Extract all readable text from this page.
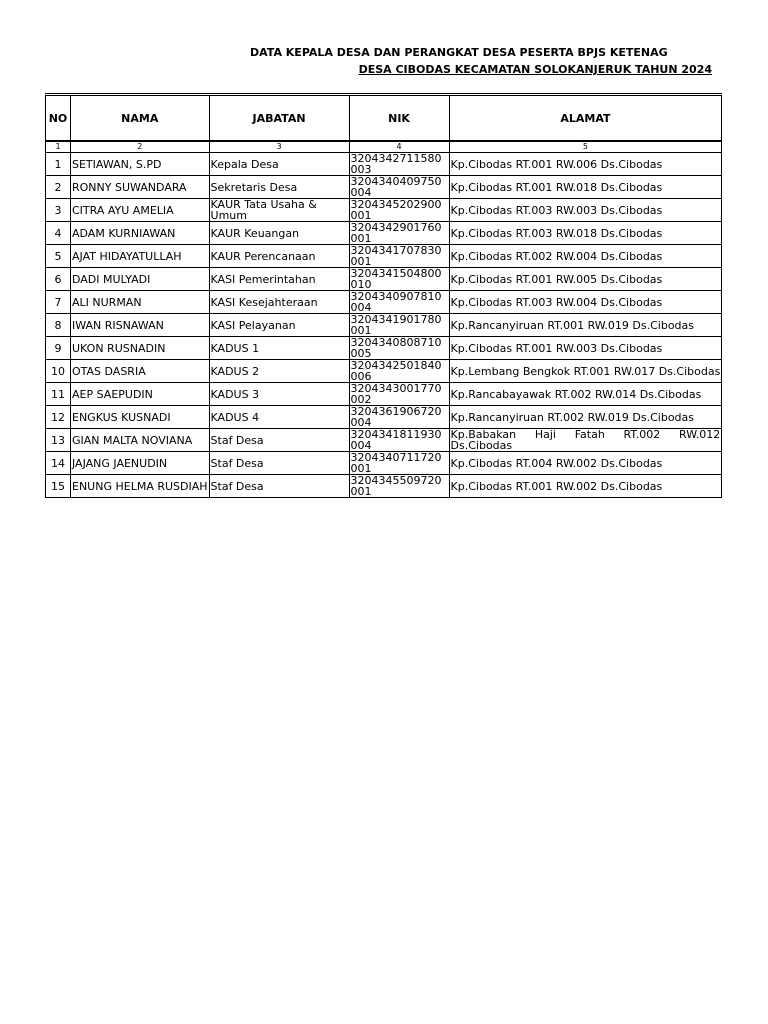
DATA KEPALA DESA DAN PERANGKAT DESA PESERTA BPJS KETENAG
DESA CIBODAS KECAMATAN SOLOKANJERUK TAHUN 2024
NO	NAMA	JABATAN	NIK	ALAMAT
1	2	3	4	5
1	SETIAWAN, S.PD	Kepala Desa	3204342711580003	Kp.Cibodas RT.001 RW.006 Ds.Cibodas
2	RONNY SUWANDARA	Sekretaris Desa	3204340409750004	Kp.Cibodas RT.001 RW.018 Ds.Cibodas
3	CITRA AYU AMELIA	KAUR Tata Usaha & Umum	3204345202900001	Kp.Cibodas RT.003 RW.003 Ds.Cibodas
4	ADAM KURNIAWAN	KAUR Keuangan	3204342901760001	Kp.Cibodas RT.003 RW.018 Ds.Cibodas
5	AJAT HIDAYATULLAH	KAUR Perencanaan	3204341707830001	Kp.Cibodas RT.002 RW.004 Ds.Cibodas
6	DADI MULYADI	KASI Pemerintahan	3204341504800010	Kp.Cibodas RT.001 RW.005 Ds.Cibodas
7	ALI NURMAN	KASI Kesejahteraan	3204340907810004	Kp.Cibodas RT.003 RW.004 Ds.Cibodas
8	IWAN RISNAWAN	KASI Pelayanan	3204341901780001	Kp.Rancanyiruan RT.001 RW.019 Ds.Cibodas
9	UKON RUSNADIN	KADUS 1	3204340808710005	Kp.Cibodas RT.001 RW.003 Ds.Cibodas
10	OTAS DASRIA	KADUS 2	3204342501840006	Kp.Lembang Bengkok RT.001 RW.017 Ds.Cibodas
11	AEP SAEPUDIN	KADUS 3	3204343001770002	Kp.Rancabayawak RT.002 RW.014 Ds.Cibodas
12	ENGKUS KUSNADI	KADUS 4	3204361906720004	Kp.Rancanyiruan RT.002 RW.019 Ds.Cibodas
13	GIAN MALTA NOVIANA	Staf Desa	3204341811930004	Kp.Babakan Haji Fatah RT.002 RW.012 Ds.Cibodas
14	JAJANG JAENUDIN	Staf Desa	3204340711720001	Kp.Cibodas RT.004 RW.002 Ds.Cibodas
15	ENUNG HELMA RUSDIAH	Staf Desa	3204345509720001	Kp.Cibodas RT.001 RW.002 Ds.Cibodas
